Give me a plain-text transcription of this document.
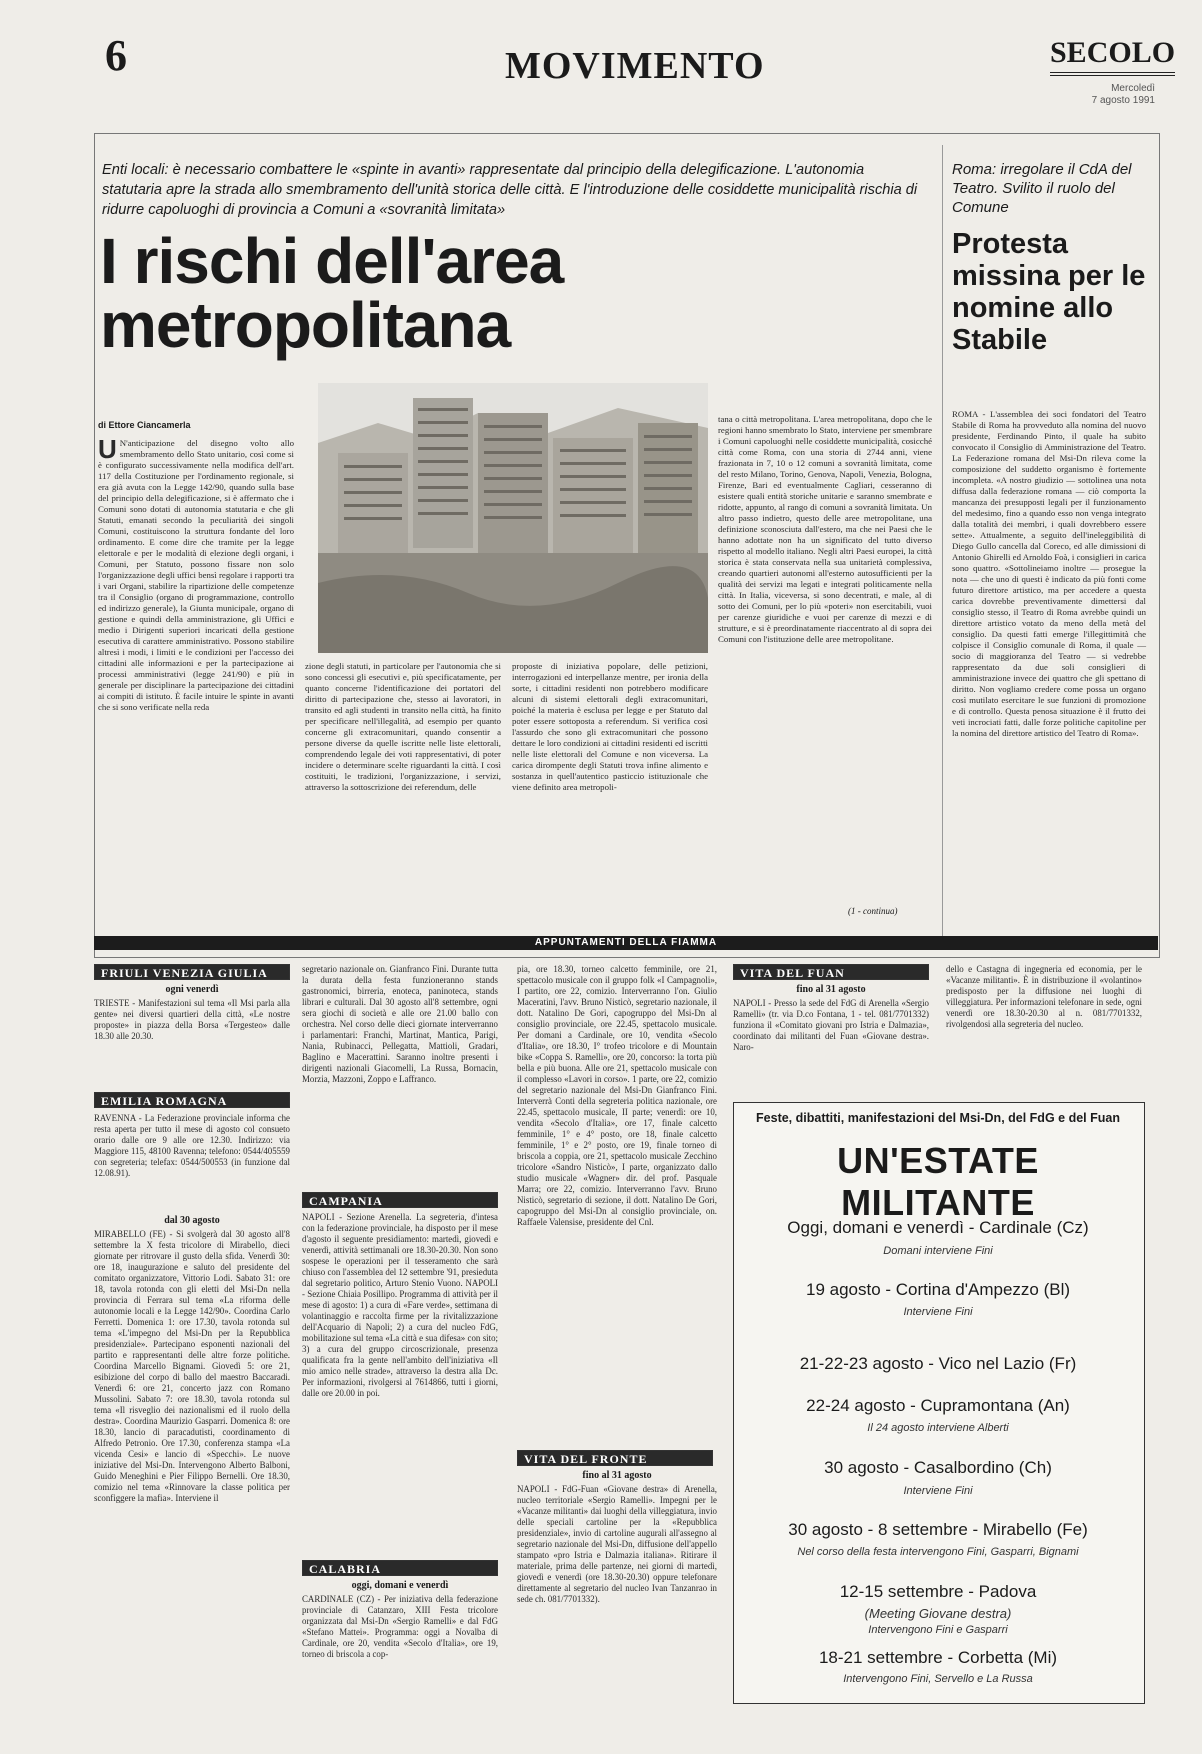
6	MOVIMENTO	SECOLO
Mercoledì
7 agosto 1991
Enti locali: è necessario combattere le «spinte in avanti» rappresentate dal principio della delegificazione. L'autonomia statutaria apre la strada allo smembramento dell'unità storica delle città. E l'introduzione delle cosiddette municipalità rischia di ridurre capoluoghi di provincia a Comuni a «sovranità limitata»
I rischi dell'area metropolitana
di Ettore Ciancamerla
U N'anticipazione del disegno volto allo smembramento dello Stato unitario, così come si è configurato successivamente nella modifica dell'art. 117 della Costituzione per l'ordinamento regionale, si era già avuta con la Legge 142/90, quando sulla base del principio della delegificazione, si è affermato che i Comuni sono dotati di autonomia statutaria e che gli Statuti, emanati secondo la peculiarità dei singoli Comuni, costituiscono la struttura fondante del loro ordinamento. E come dire che tramite per la legge elettorale e per le modalità di elezione degli organi, i Comuni, per Statuto, possono fissare non solo l'organizzazione degli uffici bensì regolare i rapporti tra i vari Organi, stabilire la ripartizione delle competenze tra il Consiglio (organo di programmazione, controllo ed indirizzo generale), la Giunta municipale, organo di gestione e quindi della amministrazione, gli Uffici e medio i Dirigenti superiori incaricati della gestione esecutiva di carattere amministrativo. Possono stabilire altresì i modi, i limiti e le condizioni per l'accesso dei cittadini alle informazioni e per la partecipazione ai processi amministrativi (legge 241/90) e più in generale per disciplinare la partecipazione dei cittadini ai compiti di istituto. È facile intuire le spinte in avanti che si sono verificate nella reda
zione degli statuti, in particolare per l'autonomia che si sono concessi gli esecutivi e, più specificatamente, per quanto concerne l'identificazione dei portatori del diritto di partecipazione che, stesso ai lavoratori, in transito ed agli studenti in transito nella città, ha finito per specificare nell'illegalità, ad esempio per quanto concerne gli extracomunitari, quando consentir a persone diverse da quelle iscritte nelle liste elettorali, comprendendo legale dei voti rappresentativi, di poter incidere o determinare scelte riguardanti la città. I così costituiti, le tradizioni, l'organizzazione, i servizi, attraverso la sottoscrizione dei referendum, delle
proposte di iniziativa popolare, delle petizioni, interrogazioni ed interpellanze mentre, per ironia della sorte, i cittadini residenti non potrebbero modificare alcuni di sistemi elettorali degli extracomunitari, poiché la materia è esclusa per legge e per Statuto dal poter essere sottoposta a referendum. Si verifica così l'assurdo che sono gli extracomunitari che possono dettare le loro condizioni ai cittadini residenti ed iscritti nelle liste elettorali del Comune e non viceversa. La carica dirompente degli Statuti trova infine alimento e sostanza in quell'autentico pasticcio istituzionale che viene definito area metropoli-
tana o città metropolitana. L'area metropolitana, dopo che le regioni hanno smembrato lo Stato, interviene per smembrare i Comuni capoluoghi nelle cosiddette municipalità, cosicché città come Roma, con una storia di 2744 anni, viene frazionata in 7, 10 o 12 comuni a sovranità limitata, come del resto Milano, Torino, Genova, Napoli, Venezia, Bologna, Firenze, Bari ed eventualmente Cagliari, cesseranno di esistere quali entità storiche unitarie e saranno smembrate e ridotte, appunto, al rango di comuni a sovranità limitata. Un altro passo indietro, questo delle aree metropolitane, una definizione sconosciuta dall'estero, ma che nei Paesi che le hanno adottate non ha un significato del tutto diverso rispetto al modello italiano. Negli altri Paesi europei, la città storica è stata conservata nella sua unitarietà complessiva, creando quartieri autonomi all'esterno autosufficienti per la qualità dei servizi ma legati e integrati politicamente nella città. In Italia, viceversa, si sono decentrati, e male, al di sotto dei Comuni, per lo più «poteri» non esercitabili, vuoi per carenze giuridiche e vuoi per carenze di mezzi e di strutture, e si è preordinatamente riaccentrato al di sopra dei Comuni con l'istituzione delle aree metropolitane.
(1 - continua)
Roma: irregolare il CdA del Teatro. Svilito il ruolo del Comune
Protesta missina per le nomine allo Stabile
ROMA - L'assemblea dei soci fondatori del Teatro Stabile di Roma ha provveduto alla nomina del nuovo presidente, Ferdinando Pinto, il quale ha subito convocato il Consiglio di Amministrazione del Teatro. La Federazione romana del Msi-Dn rileva come la composizione del suddetto organismo è fortemente incompleta. «A nostro giudizio — sottolinea una nota diffusa dalla federazione romana — ciò comporta la mancanza dei presupposti legali per il funzionamento del medesimo, fino a quando esso non venga integrato dalla totalità dei membri, i quali dovrebbero essere sette». Attualmente, a seguito dell'ineleggibilità di Diego Gullo cancella dal Coreco, ed alle dimissioni di Antonio Ghirelli ed Arnoldo Foà, i consiglieri in carica sono quattro. «Sottolineiamo inoltre — prosegue la nota — che uno di questi è indicato da più fonti come futuro direttore artistico, ma per accedere a questa carica dovrebbe preventivamente dimettersi dal consiglio stesso, il Teatro di Roma avrebbe quindi un direttore artistico votato da meno della metà del consiglio. Da questi fatti emerge l'illegittimità che colpisce il Consiglio comunale di Roma, il quale — socio di maggioranza del Teatro — si vedrebbe rappresentato da due soli consiglieri di amministrazione invece dei quattro che gli spettano di diritto. Non vogliamo credere come possa un organo così mutilato esercitare le sue funzioni di promozione e di controllo. Questa penosa situazione è il frutto dei veti incrociati fatti, dalle forze politiche capitoline per la nomina del direttore artistico del Teatro di Roma».
APPUNTAMENTI DELLA FIAMMA
FRIULI VENEZIA GIULIA
ogni venerdì
TRIESTE - Manifestazioni sul tema «Il Msi parla alla gente» nei diversi quartieri della città, «Le nostre proposte» in piazza della Borsa «Tergesteo» dalle 18.30 alle 20.30.
EMILIA ROMAGNA
RAVENNA - La Federazione provinciale informa che resta aperta per tutto il mese di agosto col consueto orario dalle ore 9 alle ore 12.30. Indirizzo: via Maggiore 115, 48100 Ravenna; telefono: 0544/405559 con segreteria; telefax: 0544/500553 (in funzione dal 12.08.91).
dal 30 agosto
MIRABELLO (FE) - Si svolgerà dal 30 agosto all'8 settembre la X festa tricolore di Mirabello, dieci giornate per ritrovare il gusto della sfida. Venerdì 30: ore 18, inaugurazione e saluto del presidente del comitato organizzatore, Vittorio Lodi. Sabato 31: ore 18, tavola rotonda con gli eletti del Msi-Dn nella provincia di Ferrara sul tema «La riforma delle autonomie locali e la Legge 142/90». Coordina Carlo Ferretti. Domenica 1: ore 17.30, tavola rotonda sul tema «L'impegno del Msi-Dn per la Repubblica presidenziale». Partecipano esponenti nazionali del partito e rappresentanti delle altre forze politiche. Coordina Marcello Bignami. Giovedì 5: ore 21, esibizione del corpo di ballo del maestro Baccaradi. Venerdì 6: ore 21, concerto jazz con Romano Mussolini. Sabato 7: ore 18.30, tavola rotonda sul tema «Il risveglio dei nazionalismi ed il ruolo della destra». Coordina Maurizio Gasparri. Domenica 8: ore 18.30, lancio di paracadutisti, coordinamento di Alfredo Petronio. Ore 17.30, conferenza stampa «La vicenda Cesi» e lancio di «Specchi». Le nuove iniziative del Msi-Dn. Intervengono Alberto Balboni, Guido Meneghini e Pier Filippo Bernelli. Ore 18.30, comizio nel tema «Rinnovare la classe politica per sconfiggere la mafia». Interviene il
segretario nazionale on. Gianfranco Fini. Durante tutta la durata della festa funzioneranno stands gastronomici, birreria, enoteca, paninoteca, stands librari e culturali. Dal 30 agosto all'8 settembre, ogni sera giochi di società e alle ore 21.00 ballo con orchestra. Nel corso delle dieci giornate interverranno i parlamentari: Franchi, Martinat, Mantica, Parigi, Nania, Rubinacci, Pellegatta, Mattioli, Gradari, Baglino e Macerattini. Saranno inoltre presenti i dirigenti nazionali Giacomelli, La Russa, Bornacin, Morzia, Mazzoni, Zoppo e Laffranco.
CAMPANIA
NAPOLI - Sezione Arenella. La segreteria, d'intesa con la federazione provinciale, ha disposto per il mese d'agosto il seguente presidiamento: martedì, giovedì e venerdì, attività settimanali ore 18.30-20.30. Non sono sospese le operazioni per il tesseramento che sarà chiuso con l'assemblea del 12 settembre '91, presieduta dal segretario politico, Arturo Stenio Vuono. NAPOLI - Sezione Chiaia Posillipo. Programma di attività per il mese di agosto: 1) a cura di «Fare verde», settimana di volantinaggio e raccolta firme per la rivitalizzazione dell'Acquario di Napoli; 2) a cura del nucleo FdG, mobilitazione sul tema «La città e sua difesa» con sito; 3) a cura del gruppo circoscrizionale, presenza qualificata fra la gente nell'ambito dell'iniziativa «Il mio amico nelle strade», attraverso la destra alla Dc. Per informazioni, rivolgersi al 7614866, tutti i giorni, dalle ore 20.00 in poi.
CALABRIA
oggi, domani e venerdì
CARDINALE (CZ) - Per iniziativa della federazione provinciale di Catanzaro, XIII Festa tricolore organizzata dal Msi-Dn «Sergio Ramelli» e dal FdG «Stefano Mattei». Programma: oggi a Novalba di Cardinale, ore 20, vendita «Secolo d'Italia», ore 19, torneo di briscola a cop-
pia, ore 18.30, torneo calcetto femminile, ore 21, spettacolo musicale con il gruppo folk «I Campagnoli», I partito, ore 22, comizio. Interverranno l'on. Giulio Maceratini, l'avv. Bruno Nisticò, segretario nazionale, il dott. Natalino De Gori, capogruppo del Msi-Dn al consiglio provinciale, ore 22.45, spettacolo musicale. Per domani a Cardinale, ore 10, vendita «Secolo d'Italia», ore 18.30, I° trofeo tricolore e di Mountain bike «Coppa S. Ramelli», ore 20, concorso: la torta più bella e più buona. Alle ore 21, spettacolo musicale con il complesso «Lavori in corso». 1 parte, ore 22, comizio del segretario nazionale del Msi-Dn Gianfranco Fini. Interverrà Conti della segreteria politica nazionale, ore 22.45, spettacolo musicale, II parte; venerdì: ore 10, vendita «Secolo d'Italia», ore 17, finale calcetto femminile, 1° e 4° posto, ore 18, finale calcetto femminile, 1° e 2° posto, ore 19, finale torneo di briscola a coppia, ore 21, spettacolo musicale Zecchino tricolore «Sandro Nisticò», I parte, organizzato dallo studio musicale «Wagner» dir. del prof. Pasquale Marra; ore 22, comizio. Interverranno l'avv. Bruno Nisticò, segretario di sezione, il dott. Natalino De Gori, capogruppo del Msi-Dn al consiglio provinciale, on. Raffaele Valensise, presidente del Cnl.
VITA DEL FRONTE
fino al 31 agosto
NAPOLI - FdG-Fuan «Giovane destra» di Arenella, nucleo territoriale «Sergio Ramelli». Impegni per le «Vacanze militanti» dai luoghi della villeggiatura, invio delle speciali cartoline per la «Repubblica presidenziale», invio di cartoline augurali all'assegno al segretario nazionale del Msi-Dn, diffusione dell'appello stampato «pro Istria e Dalmazia italiana». Ritirare il materiale, prima delle partenze, nei giorni di martedì, giovedì e venerdì (ore 18.30-20.30) oppure telefonare direttamente al segretario del nucleo Ivan Tanzanrao in sede ch. 081/7701332).
VITA DEL FUAN
fino al 31 agosto
NAPOLI - Presso la sede del FdG di Arenella «Sergio Ramelli» (tr. via D.co Fontana, 1 - tel. 081/7701332) funziona il «Comitato giovani pro Istria e Dalmazia», coordinato dai militanti del Fuan «Giovane destra». Naro-
dello e Castagna di ingegneria ed economia, per le «Vacanze militanti». È in distribuzione il «volantino» predisposto per la diffusione nei luoghi di villeggiatura. Per informazioni telefonare in sede, ogni venerdì ore 18.30-20.30 al n. 081/7701332, rivolgendosi alla segreteria del nucleo.
Feste, dibattiti, manifestazioni del Msi-Dn, del FdG e del Fuan
UN'ESTATE MILITANTE
Oggi, domani e venerdì - Cardinale (Cz)
Domani interviene Fini
19 agosto - Cortina d'Ampezzo (Bl)
Interviene Fini
21-22-23 agosto - Vico nel Lazio (Fr)
22-24 agosto - Cupramontana (An)
Il 24 agosto interviene Alberti
30 agosto - Casalbordino (Ch)
Interviene Fini
30 agosto - 8 settembre - Mirabello (Fe)
Nel corso della festa intervengono Fini, Gasparri, Bignami
12-15 settembre - Padova
(Meeting Giovane destra)
Intervengono Fini e Gasparri
18-21 settembre - Corbetta (Mi)
Intervengono Fini, Servello e La Russa
